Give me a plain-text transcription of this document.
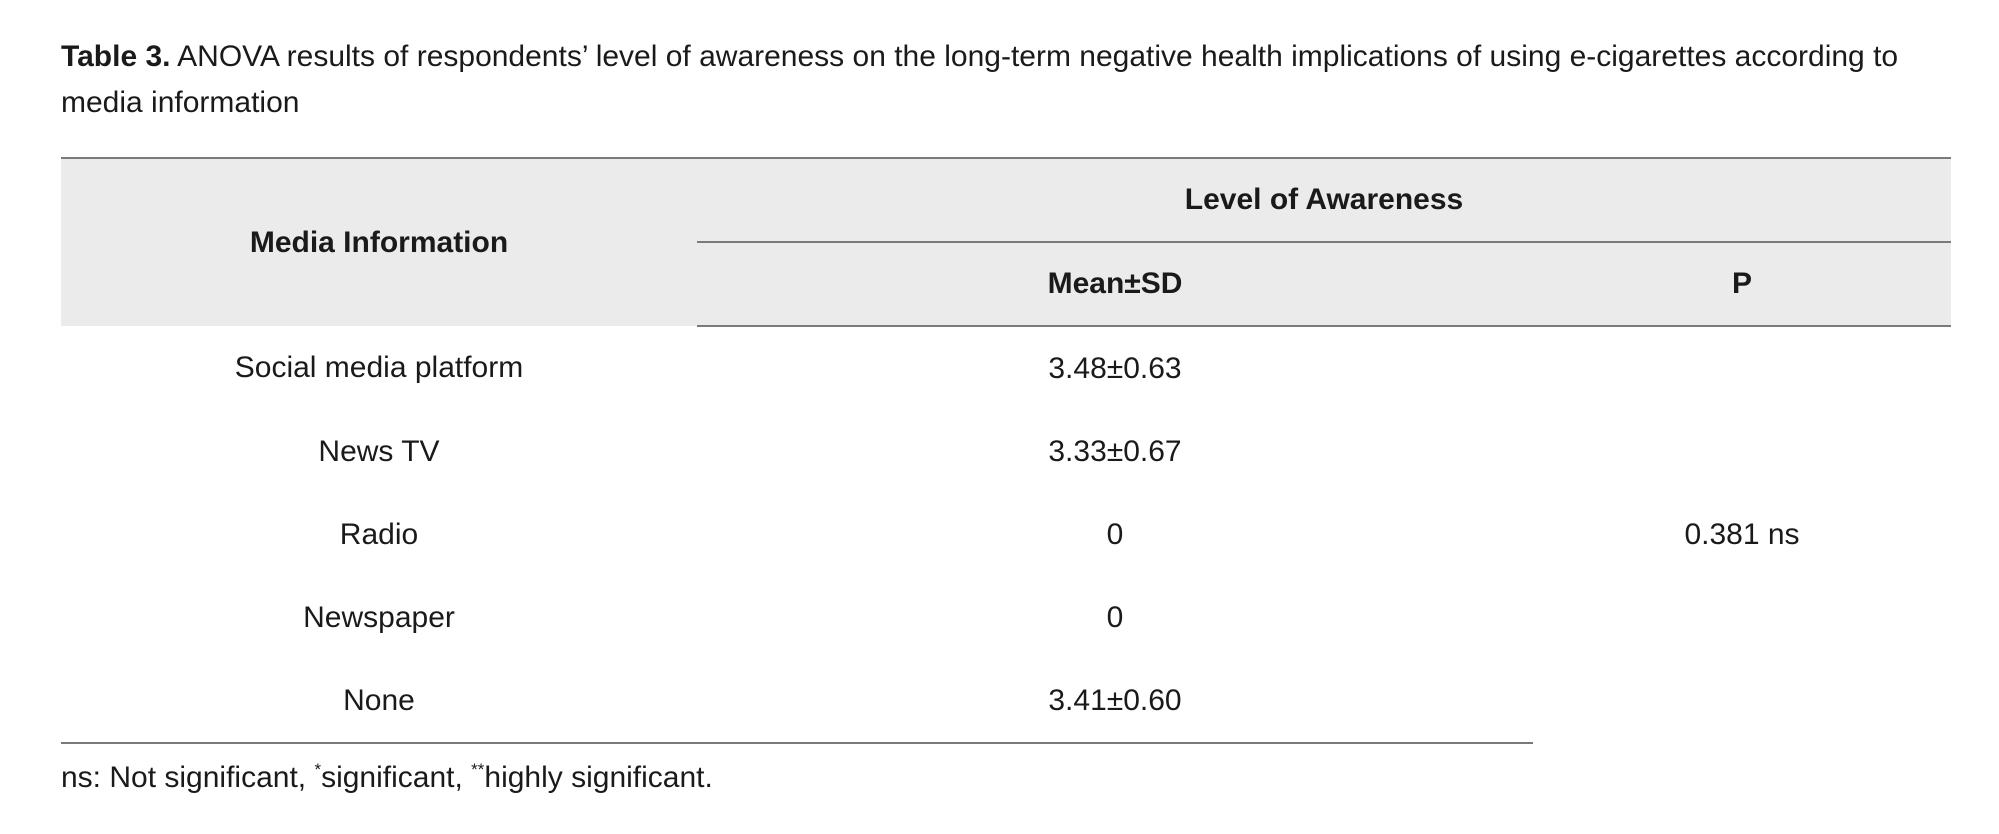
Table 3. ANOVA results of respondents’ level of awareness on the long-term negative health implications of using e-cigarettes according to media information

Media Information	Level of Awareness	
	Mean±SD	P
Social media platform	3.48±0.63	0.381 ns
News TV	3.33±0.67	
Radio	0	
Newspaper	0	
None	3.41±0.60	

ns: Not significant, *significant, **highly significant.
